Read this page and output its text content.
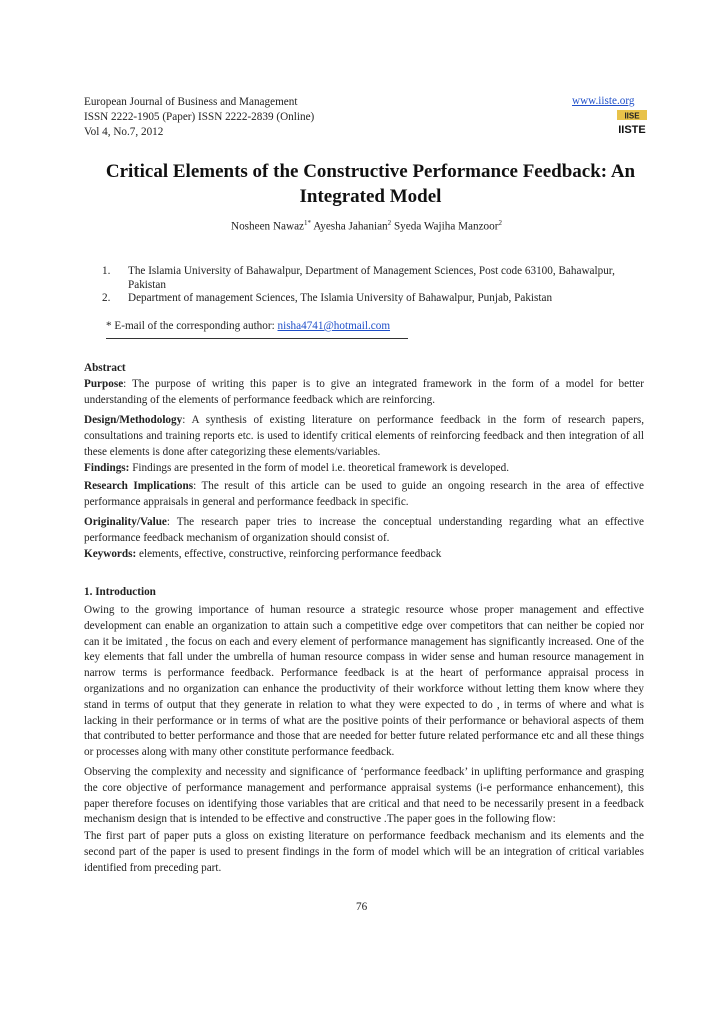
European Journal of Business and Management
ISSN 2222-1905 (Paper) ISSN 2222-2839 (Online)
Vol 4, No.7, 2012
www.iiste.org
IISE
IISTE
Critical Elements of the Constructive Performance Feedback: An Integrated Model
Nosheen Nawaz$^{1*}$ Ayesha Jahanian$^2$ Syeda Wajiha Manzoor$^2$
1. The Islamia University of Bahawalpur, Department of Management Sciences, Post code 63100, Bahawalpur, Pakistan
2. Department of management Sciences, The Islamia University of Bahawalpur, Punjab, Pakistan
* E-mail of the corresponding author: nisha4741@hotmail.com
Abstract
Purpose: The purpose of writing this paper is to give an integrated framework in the form of a model for better understanding of the elements of performance feedback which are reinforcing.
Design/Methodology: A synthesis of existing literature on performance feedback in the form of research papers, consultations and training reports etc. is used to identify critical elements of reinforcing feedback and then integration of all these elements is done after categorizing these elements/variables.
Findings: Findings are presented in the form of model i.e. theoretical framework is developed.
Research Implications: The result of this article can be used to guide an ongoing research in the area of effective performance appraisals in general and performance feedback in specific.
Originality/Value: The research paper tries to increase the conceptual understanding regarding what an effective performance feedback mechanism of organization should consist of.
Keywords: elements, effective, constructive, reinforcing performance feedback
1. Introduction
Owing to the growing importance of human resource a strategic resource whose proper management and effective development can enable an organization to attain such a competitive edge over competitors that can neither be copied nor can it be imitated , the focus on each and every element of performance management has significantly increased. One of the key elements that fall under the umbrella of human resource compass in wider sense and human resource management in narrow terms is performance feedback. Performance feedback is at the heart of performance appraisal process in organizations and no organization can enhance the productivity of their workforce without letting them know where they stand in terms of output that they generate in relation to what they were expected to do , in terms of where and what is lacking in their performance or in terms of what are the positive points of their performance or behavioral aspects of them that contributed to better performance and those that are needed for better future related performance etc and all these things or processes along with many other constitute performance feedback.
Observing the complexity and necessity and significance of ‘performance feedback’ in uplifting performance and grasping the core objective of performance management and performance appraisal systems (i-e performance enhancement), this paper therefore focuses on identifying those variables that are critical and that need to be necessarily present in a feedback mechanism design that is intended to be effective and constructive .The paper goes in the following flow:
The first part of paper puts a gloss on existing literature on performance feedback mechanism and its elements and the second part of the paper is used to present findings in the form of model which will be an integration of critical variables identified from preceding part.
76
